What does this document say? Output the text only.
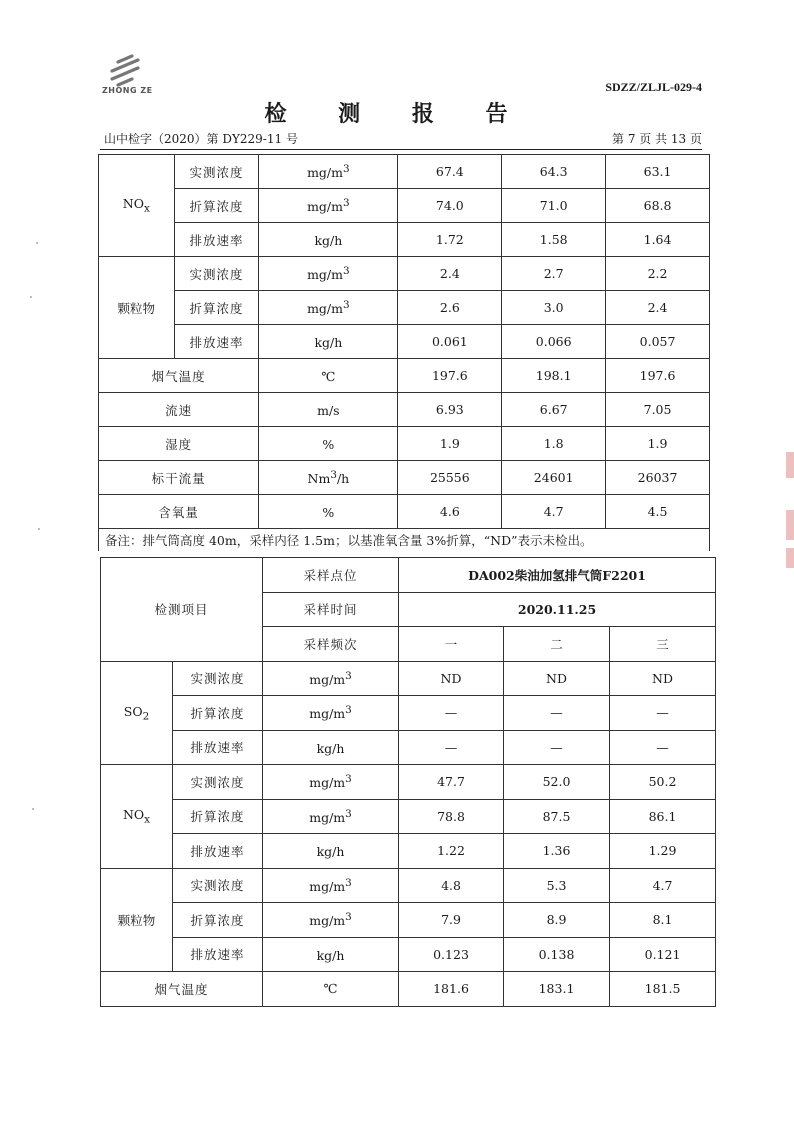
ZHONG ZE	SDZZ/ZLJL-029-4
检 测 报 告
山中检字（2020）第 DY229-11 号	第 7 页 共 13 页
$NO_x$	实测浓度	$mg/m^3$	67.4	64.3	63.1
	折算浓度	$mg/m^3$	74.0	71.0	68.8
	排放速率	kg/h	1.72	1.58	1.64
颗粒物	实测浓度	$mg/m^3$	2.4	2.7	2.2
	折算浓度	$mg/m^3$	2.6	3.0	2.4
	排放速率	kg/h	0.061	0.066	0.057
烟气温度		℃	197.6	198.1	197.6
流速		m/s	6.93	6.67	7.05
湿度		%	1.9	1.8	1.9
标干流量		Nm$^3$/h	25556	24601	26037
含氧量		%	4.6	4.7	4.5
备注：排气筒高度 40m，采样内径 1.5m；以基准氧含量 3%折算，“ND”表示未检出。					
检测项目		采样点位	DA002柴油加氢排气筒F2201		
		采样时间	2020.11.25		
		采样频次	一	二	三
$SO_2$	实测浓度	$mg/m^3$	ND	ND	ND
	折算浓度	$mg/m^3$	—	—	—
	排放速率	kg/h	—	—	—
$NO_x$	实测浓度	$mg/m^3$	47.7	52.0	50.2
	折算浓度	$mg/m^3$	78.8	87.5	86.1
	排放速率	kg/h	1.22	1.36	1.29
颗粒物	实测浓度	$mg/m^3$	4.8	5.3	4.7
	折算浓度	$mg/m^3$	7.9	8.9	8.1
	排放速率	kg/h	0.123	0.138	0.121
烟气温度		℃	181.6	183.1	181.5
